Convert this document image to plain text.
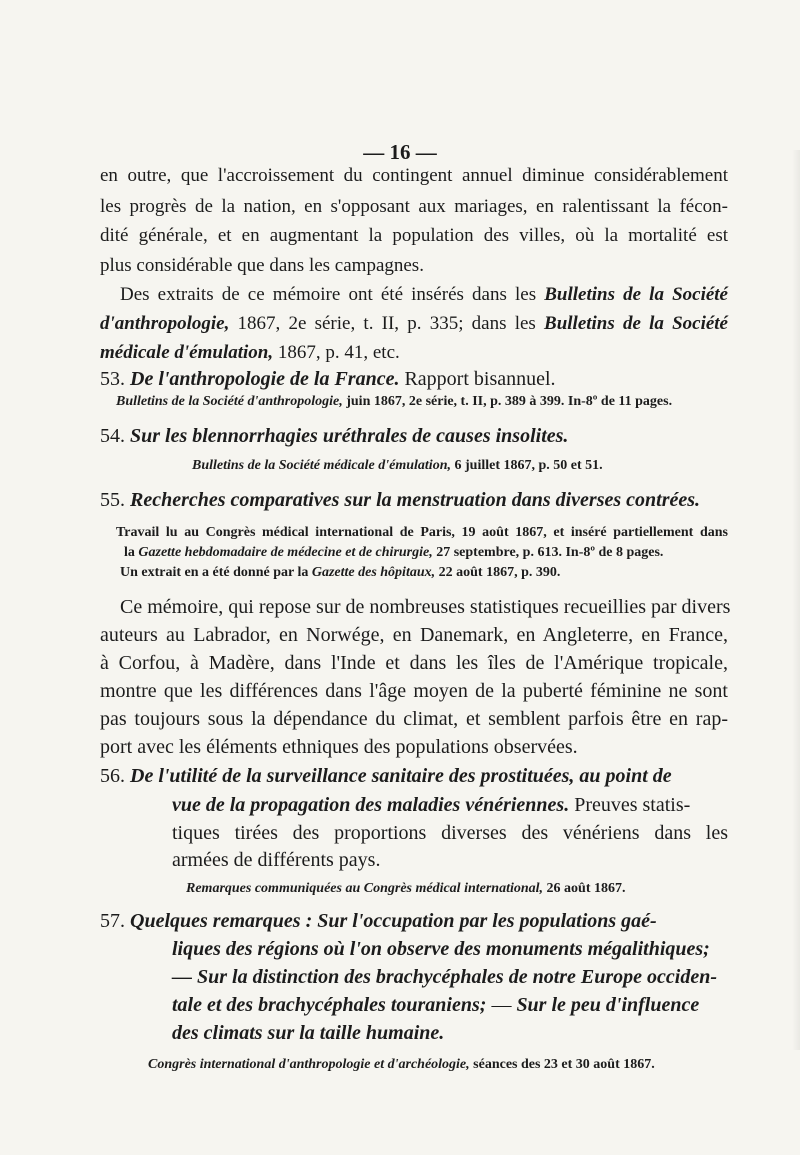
— 16 —
en outre, que l'accroissement du contingent annuel diminue considérablement
les progrès de la nation, en s'opposant aux mariages, en ralentissant la fécon-
dité générale, et en augmentant la population des villes, où la mortalité est
plus considérable que dans les campagnes.
Des extraits de ce mémoire ont été insérés dans les Bulletins de la Société
d'anthropologie, 1867, 2e série, t. II, p. 335; dans les Bulletins de la Société
médicale d'émulation, 1867, p. 41, etc.
53. De l'anthropologie de la France. Rapport bisannuel.
Bulletins de la Société d'anthropologie, juin 1867, 2e série, t. II, p. 389 à 399. In-8º de 11 pages.
54. Sur les blennorrhagies uréthrales de causes insolites.
Bulletins de la Société médicale d'émulation, 6 juillet 1867, p. 50 et 51.
55. Recherches comparatives sur la menstruation dans diverses contrées.
Travail lu au Congrès médical international de Paris, 19 août 1867, et inséré partiellement dans
la Gazette hebdomadaire de médecine et de chirurgie, 27 septembre, p. 613. In-8º de 8 pages.
Un extrait en a été donné par la Gazette des hôpitaux, 22 août 1867, p. 390.
Ce mémoire, qui repose sur de nombreuses statistiques recueillies par divers
auteurs au Labrador, en Norwége, en Danemark, en Angleterre, en France,
à Corfou, à Madère, dans l'Inde et dans les îles de l'Amérique tropicale,
montre que les différences dans l'âge moyen de la puberté féminine ne sont
pas toujours sous la dépendance du climat, et semblent parfois être en rap-
port avec les éléments ethniques des populations observées.
56. De l'utilité de la surveillance sanitaire des prostituées, au point de
vue de la propagation des maladies vénériennes. Preuves statis-
tiques tirées des proportions diverses des vénériens dans les
armées de différents pays.
Remarques communiquées au Congrès médical international, 26 août 1867.
57. Quelques remarques : Sur l'occupation par les populations gaé-
liques des régions où l'on observe des monuments mégalithiques;
— Sur la distinction des brachycéphales de notre Europe occiden-
tale et des brachycéphales touraniens; — Sur le peu d'influence
des climats sur la taille humaine.
Congrès international d'anthropologie et d'archéologie, séances des 23 et 30 août 1867.
